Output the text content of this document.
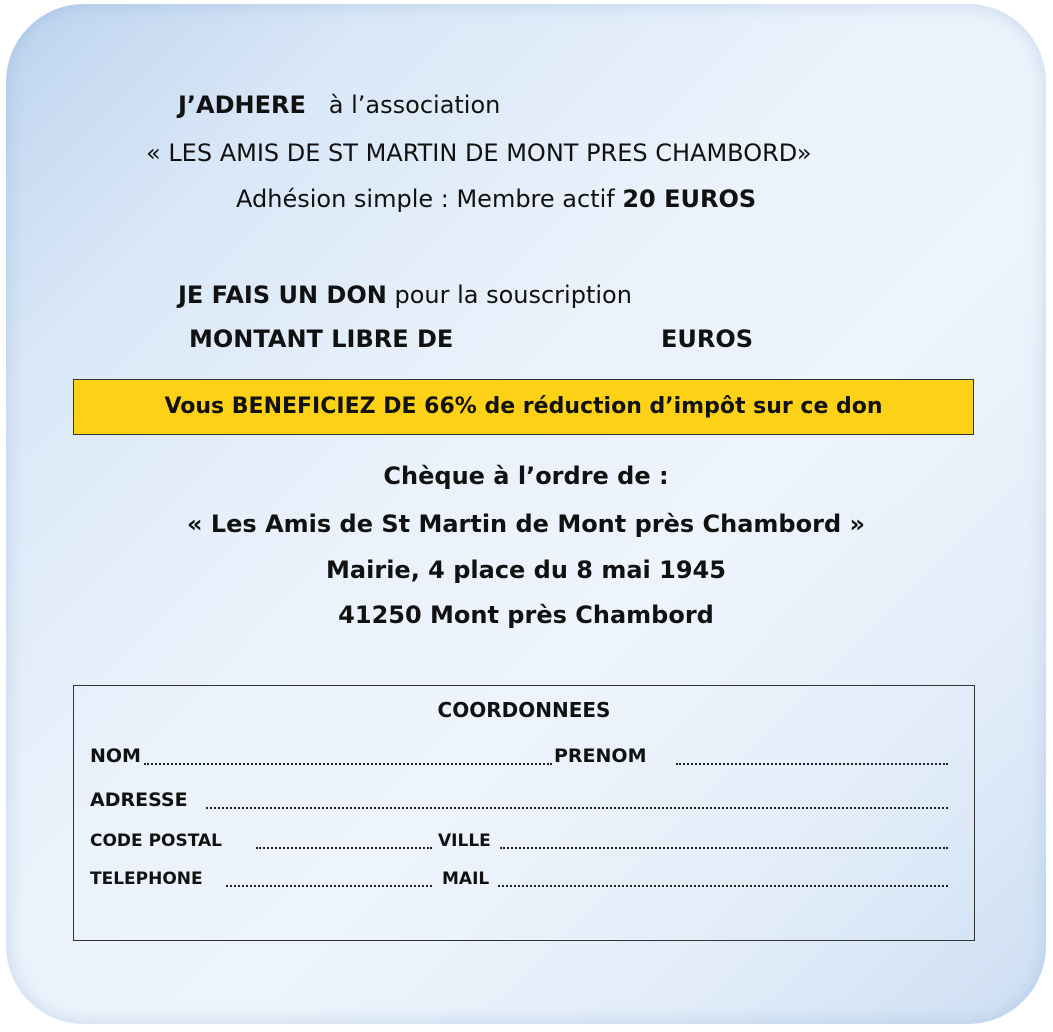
J’ADHERE à l’association
« LES AMIS DE ST MARTIN DE MONT PRES CHAMBORD»
Adhésion simple : Membre actif 20 EUROS
JE FAIS UN DON pour la souscription
MONTANT LIBRE DE	EUROS
Vous BENEFICIEZ DE 66% de réduction d’impôt sur ce don
Chèque à l’ordre de :
« Les Amis de St Martin de Mont près Chambord »
Mairie, 4 place du 8 mai 1945
41250 Mont près Chambord
COORDONNEES
NOM	PRENOM
ADRESSE
CODE POSTAL	VILLE
TELEPHONE	MAIL
